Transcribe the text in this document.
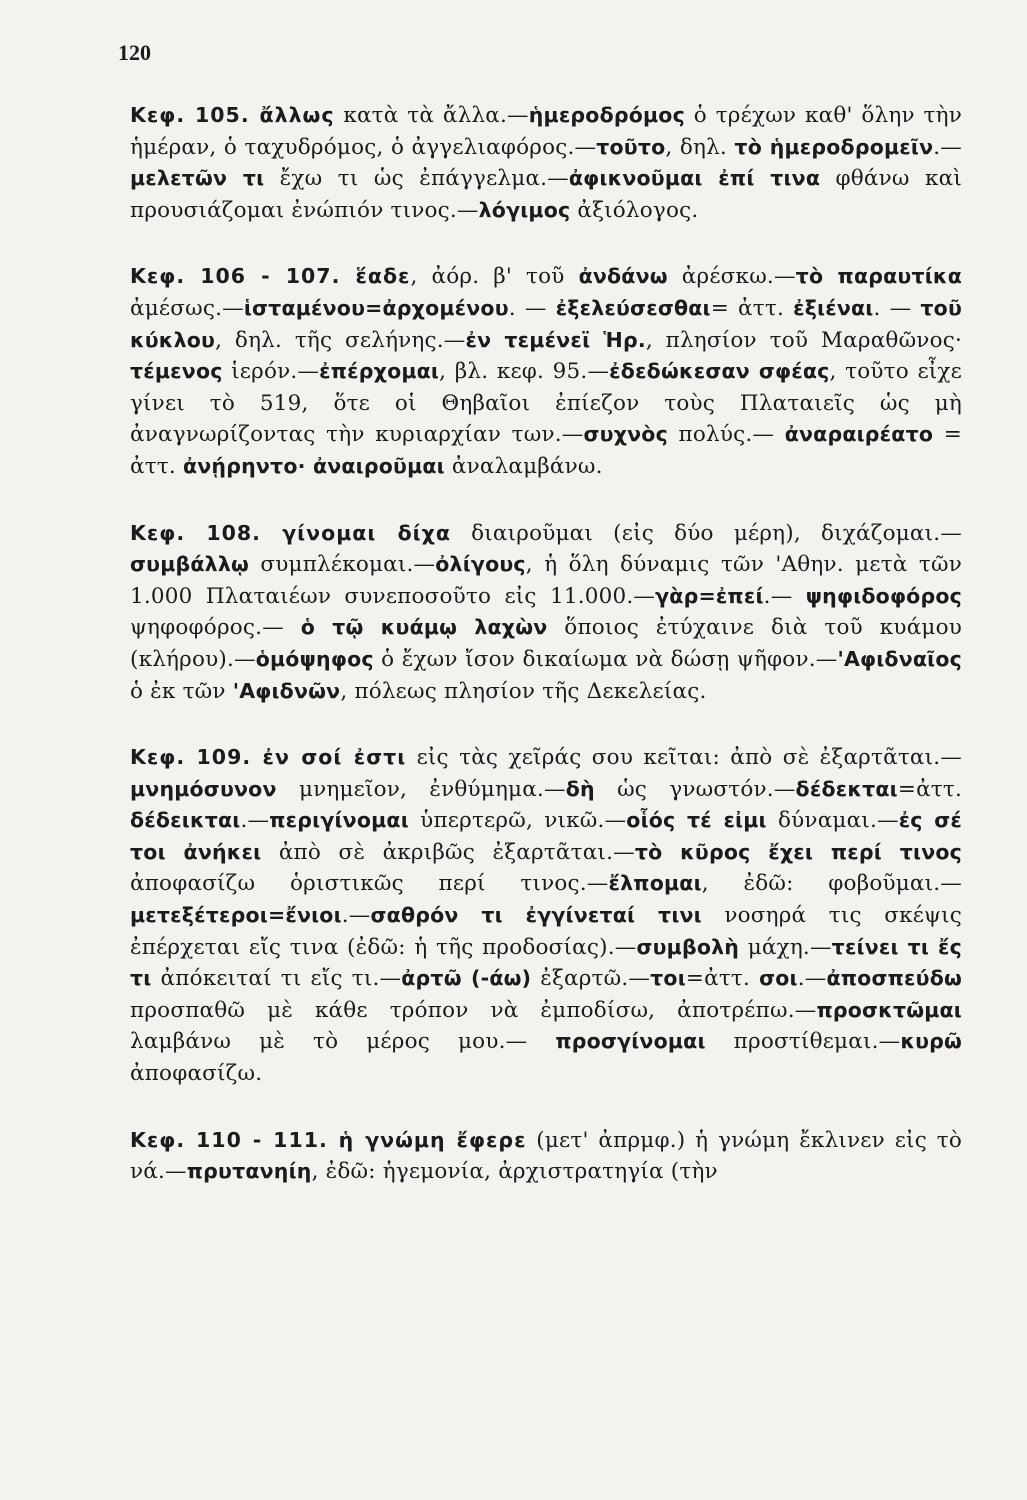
120

Κεφ. 105. ἄλλως κατὰ τὰ ἄλλα.—ἡμεροδρόμος ὁ τρέχων καθ' ὅλην τὴν ἡμέραν, ὁ ταχυδρόμος, ὁ ἀγγελιαφόρος.—τοῦτο, δηλ. τὸ ἡμεροδρομεῖν.—μελετῶν τι ἔχω τι ὡς ἐπάγγελμα.—ἀφικνοῦμαι ἐπί τινα φθάνω καὶ προυσιάζομαι ἐνώπιόν τινος.—λόγιμος ἀξιόλογος.

Κεφ. 106 - 107. ἕαδε, ἀόρ. β' τοῦ ἀνδάνω ἀρέσκω.—τὸ παραυτίκα ἀμέσως.—ἱσταμένου=ἀρχομένου. — ἐξελεύσεσθαι= ἀττ. ἐξιέναι. — τοῦ κύκλου, δηλ. τῆς σελήνης.—ἐν τεμένεϊ Ἡρ., πλησίον τοῦ Μαραθῶνος· τέμενος ἱερόν.—ἐπέρχομαι, βλ. κεφ. 95.—ἐδεδώκεσαν σφέας, τοῦτο εἶχε γίνει τὸ 519, ὅτε οἱ Θηβαῖοι ἐπίεζον τοὺς Πλαταιεῖς ὡς μὴ ἀναγνωρίζοντας τὴν κυριαρχίαν των.—συχνὸς πολύς.— ἀναραιρέατο = ἀττ. ἀνῄρηντο· ἀναιροῦμαι ἀναλαμβάνω.

Κεφ. 108. γίνομαι δίχα διαιροῦμαι (εἰς δύο μέρη), διχάζομαι.—συμβάλλῳ συμπλέκομαι.—ὀλίγους, ἡ ὅλη δύναμις τῶν 'Αθην. μετὰ τῶν 1.000 Πλαταιέων συνεποσοῦτο εἰς 11.000.—γὰρ=ἐπεί.— ψηφιδοφόρος ψηφοφόρος.— ὁ τῷ κυάμῳ λαχὼν ὅποιος ἐτύχαινε διὰ τοῦ κυάμου (κλήρου).—ὁμόψηφος ὁ ἔχων ἴσον δικαίωμα νὰ δώσῃ ψῆφον.—'Αφιδναῖος ὁ ἐκ τῶν 'Αφιδνῶν, πόλεως πλησίον τῆς Δεκελείας.

Κεφ. 109. ἐν σοί ἐστι εἰς τὰς χεῖράς σου κεῖται: ἀπὸ σὲ ἐξαρτᾶται.—μνημόσυνον μνημεῖον, ἐνθύμημα.—δὴ ὡς γνωστόν.—δέδεκται=ἀττ. δέδεικται.—περιγίνομαι ὑπερτερῶ, νικῶ.—οἷός τέ εἰμι δύναμαι.—ἐς σέ τοι ἀνήκει ἀπὸ σὲ ἀκριβῶς ἐξαρτᾶται.—τὸ κῦρος ἔχει περί τινος ἀποφασίζω ὁριστικῶς περί τινος.—ἔλπομαι, ἐδῶ: φοβοῦμαι.—μετεξέτεροι=ἔνιοι.—σαθρόν τι ἐγγίνεταί τινι νοσηρά τις σκέψις ἐπέρχεται εἴς τινα (ἐδῶ: ἡ τῆς προδοσίας).—συμβολὴ μάχη.—τείνει τι ἔς τι ἀπόκειταί τι εἴς τι.—ἀρτῶ (-άω) ἐξαρτῶ.—τοι=ἀττ. σοι.—ἀποσπεύδω προσπαθῶ μὲ κάθε τρόπον νὰ ἐμποδίσω, ἀποτρέπω.—προσκτῶμαι λαμβάνω μὲ τὸ μέρος μου.— προσγίνομαι προστίθεμαι.—κυρῶ ἀποφασίζω.

Κεφ. 110 - 111. ἡ γνώμη ἔφερε (μετ' ἀπρμφ.) ἡ γνώμη ἔκλινεν εἰς τὸ νά.—πρυτανηίη, ἐδῶ: ἡγεμονία, ἀρχιστρατηγία (τὴν
